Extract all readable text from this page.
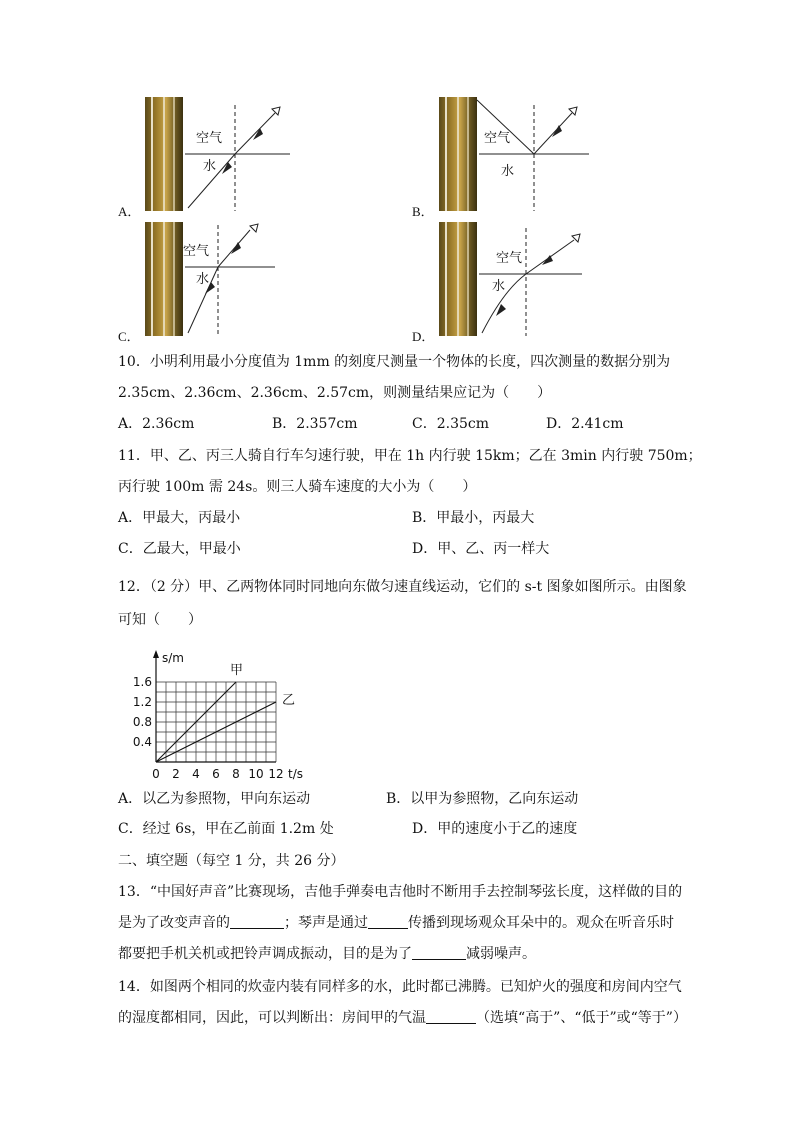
A．
空气
水
B．
空气
水
C．
空气
水
D．
空气
水
10．小明利用最小分度值为 1mm 的刻度尺测量一个物体的长度，四次测量的数据分别为
2.35cm、2.36cm、2.36cm、2.57cm，则测量结果应记为（　　）
A．2.36cm	B．2.357cm	C．2.35cm	D．2.41cm
11．甲、乙、丙三人骑自行车匀速行驶，甲在 1h 内行驶 15km；乙在 3min 内行驶 750m；
丙行驶 100m 需 24s。则三人骑车速度的大小为（　　）
A．甲最大，丙最小	B．甲最小，丙最大
C．乙最大，甲最小	D．甲、乙、丙一样大
12．（2 分）甲、乙两物体同时同地向东做匀速直线运动，它们的 s-t 图象如图所示。由图象
可知（　　）
甲
乙
0.4
0.8
1.2
1.6
0 2 4 6 8 10 12
s/m
t/s
A．以乙为参照物，甲向东运动	B．以甲为参照物，乙向东运动
C．经过 6s，甲在乙前面 1.2m 处	D．甲的速度小于乙的速度
二、填空题（每空 1 分，共 26 分）
13．“中国好声音”比赛现场，吉他手弹奏电吉他时不断用手去控制琴弦长度，这样做的目的
是为了改变声音的	；琴声是通过	传播到现场观众耳朵中的。观众在听音乐时
都要把手机关机或把铃声调成振动，目的是为了	减弱噪声。
14．如图两个相同的炊壶内装有同样多的水，此时都已沸腾。已知炉火的强度和房间内空气
的湿度都相同，因此，可以判断出：房间甲的气温	（选填“高于”、“低于”或“等于”）
